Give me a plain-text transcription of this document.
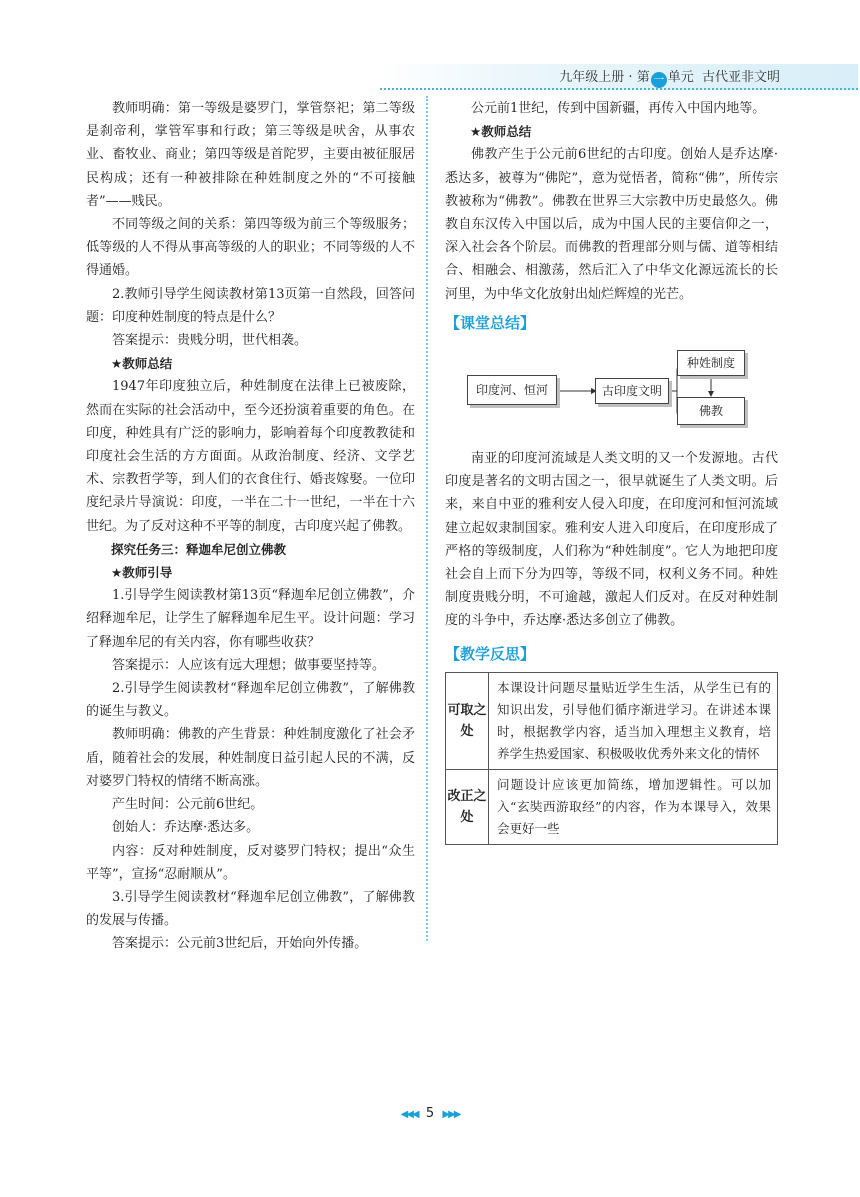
九年级上册 · 第 一 单元 古代亚非文明

教师明确：第一等级是婆罗门，掌管祭祀；第二等级是刹帝利，掌管军事和行政；第三等级是吠舍，从事农业、畜牧业、商业；第四等级是首陀罗，主要由被征服居民构成；还有一种被排除在种姓制度之外的“不可接触者”——贱民。

不同等级之间的关系：第四等级为前三个等级服务；低等级的人不得从事高等级的人的职业；不同等级的人不得通婚。

2.教师引导学生阅读教材第13页第一自然段，回答问题：印度种姓制度的特点是什么？

答案提示：贵贱分明，世代相袭。

★教师总结

1947年印度独立后，种姓制度在法律上已被废除，然而在实际的社会活动中，至今还扮演着重要的角色。在印度，种姓具有广泛的影响力，影响着每个印度教教徒和印度社会生活的方方面面。从政治制度、经济、文学艺术、宗教哲学等，到人们的衣食住行、婚丧嫁娶。一位印度纪录片导演说：印度，一半在二十一世纪，一半在十六世纪。为了反对这种不平等的制度，古印度兴起了佛教。

探究任务三：释迦牟尼创立佛教

★教师引导

1.引导学生阅读教材第13页“释迦牟尼创立佛教”，介绍释迦牟尼，让学生了解释迦牟尼生平。设计问题：学习了释迦牟尼的有关内容，你有哪些收获？

答案提示：人应该有远大理想；做事要坚持等。

2.引导学生阅读教材“释迦牟尼创立佛教”，了解佛教的诞生与教义。

教师明确：佛教的产生背景：种姓制度激化了社会矛盾，随着社会的发展，种姓制度日益引起人民的不满，反对婆罗门特权的情绪不断高涨。

产生时间：公元前6世纪。

创始人：乔达摩·悉达多。

内容：反对种姓制度，反对婆罗门特权；提出“众生平等”，宣扬“忍耐顺从”。

3.引导学生阅读教材“释迦牟尼创立佛教”，了解佛教的发展与传播。

答案提示：公元前3世纪后，开始向外传播。

公元前1世纪，传到中国新疆，再传入中国内地等。

★教师总结

佛教产生于公元前6世纪的古印度。创始人是乔达摩·悉达多，被尊为“佛陀”，意为觉悟者，简称“佛”，所传宗教被称为“佛教”。佛教在世界三大宗教中历史最悠久。佛教自东汉传入中国以后，成为中国人民的主要信仰之一，深入社会各个阶层。而佛教的哲理部分则与儒、道等相结合、相融会、相激荡，然后汇入了中华文化源远流长的长河里，为中华文化放射出灿烂辉煌的光芒。

【课堂总结】
印度河、恒河	古印度文明
种姓制度
佛教

南亚的印度河流域是人类文明的又一个发源地。古代印度是著名的文明古国之一，很早就诞生了人类文明。后来，来自中亚的雅利安人侵入印度，在印度河和恒河流域建立起奴隶制国家。雅利安人进入印度后，在印度形成了严格的等级制度，人们称为“种姓制度”。它人为地把印度社会自上而下分为四等，等级不同，权利义务不同。种姓制度贵贱分明，不可逾越，激起人们反对。在反对种姓制度的斗争中，乔达摩·悉达多创立了佛教。

【教学反思】
可取之处	本课设计问题尽量贴近学生生活，从学生已有的知识出发，引导他们循序渐进学习。在讲述本课时，根据教学内容，适当加入理想主义教育，培养学生热爱国家、积极吸收优秀外来文化的情怀
改正之处	问题设计应该更加简练，增加逻辑性。可以加入“玄奘西游取经”的内容，作为本课导入，效果会更好一些
◀◀◀ 5 ▶▶▶
